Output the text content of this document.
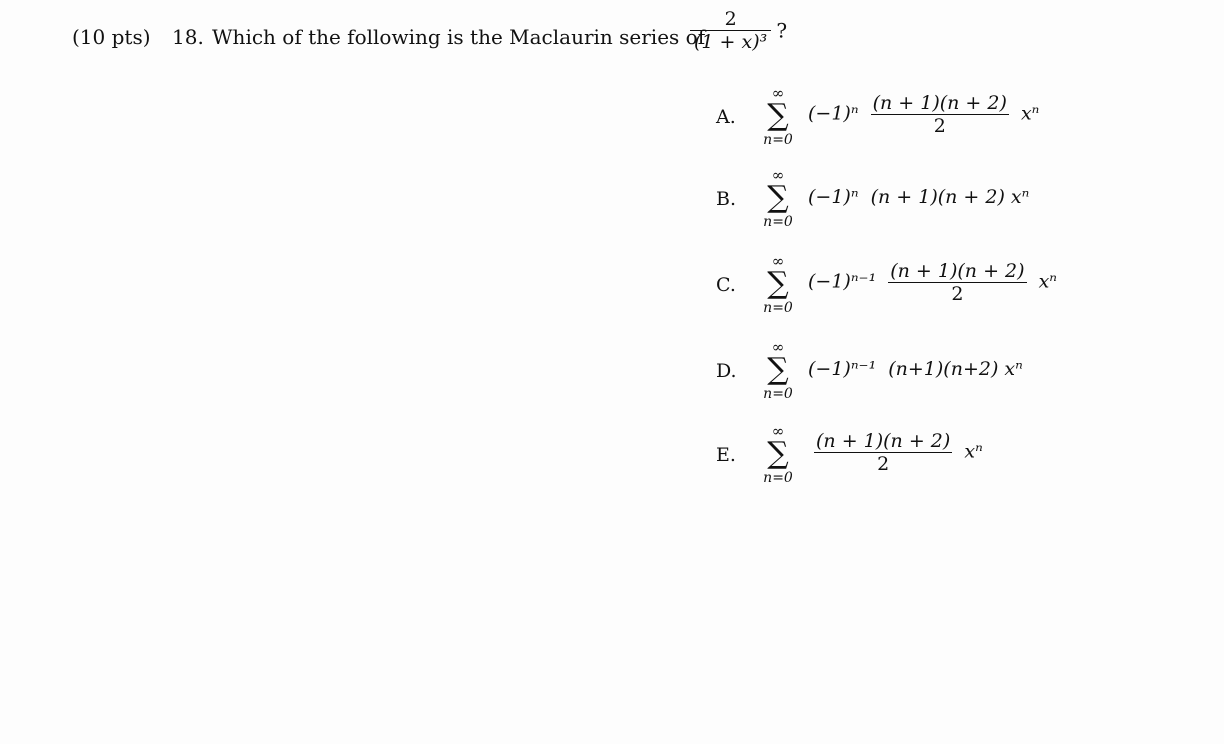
(10 pts) 18. Which of the following is the Maclaurin series of
$\frac{2}{\text{(1 + x)³}}$ ?
A.
∞
∑
n=0
$(-1)^n \frac{(n + 1)(n + 2)}{2}$ xⁿ
B.
∞
∑
n=0
(−1)ⁿ (n + 1)(n + 2) xⁿ
C.
∞
∑
n=0
$(-1)^{n-1} \frac{(n + 1)(n + 2)}{2}$ xⁿ
D.
∞
∑
n=0
(−1)ⁿ⁻¹ (n+1)(n+2) xⁿ
E.
∞
∑
n=0
$\frac{(n + 1)(n + 2)}{2}$ xⁿ
